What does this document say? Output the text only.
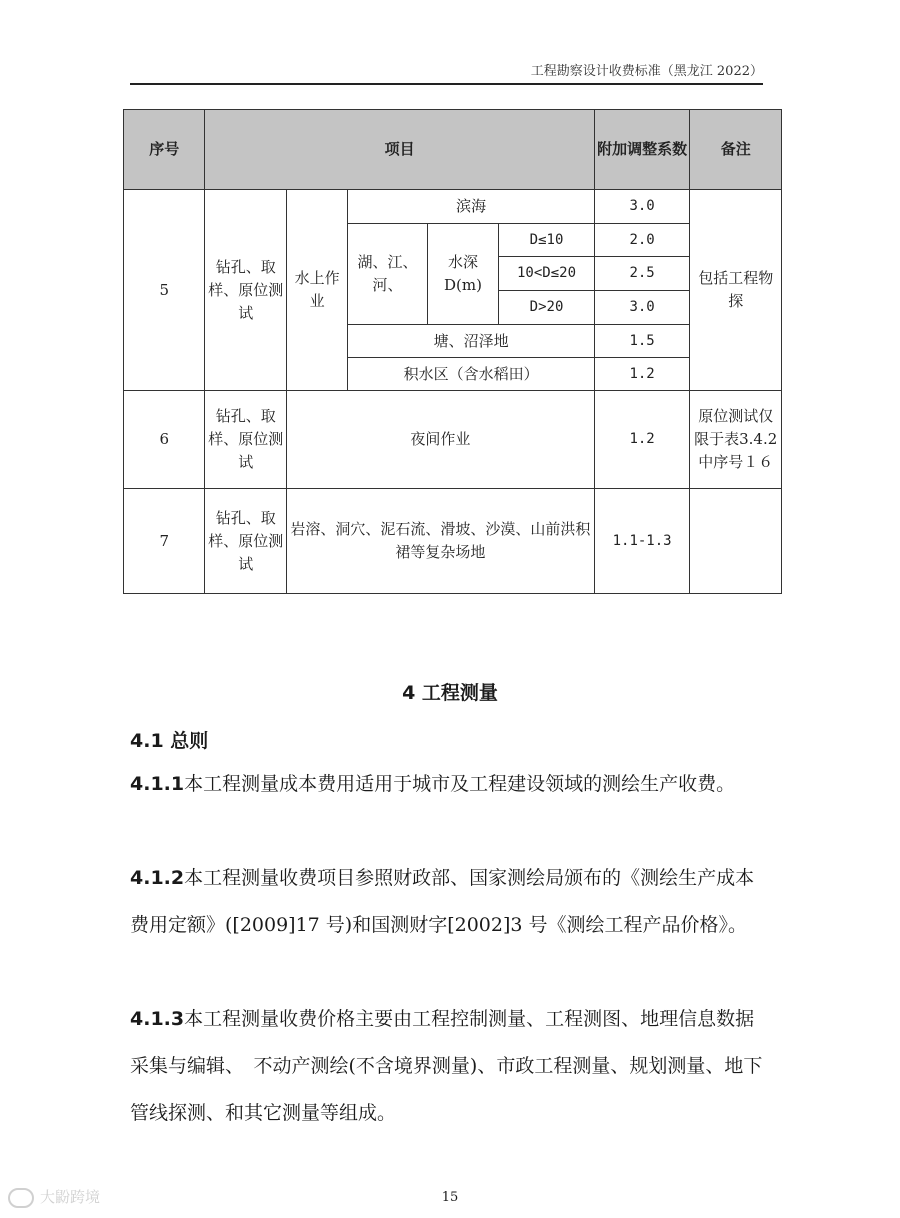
工程勘察设计收费标准（黑龙江 2022）
序号	项目					附加调整系数	备注
5	钻孔、取样、原位测试	水上作业	滨海			3.0	包括工程物探
			湖、江、河、	水深D(m)	D≤10	2.0	
					10<D≤20	2.5	
					D>20	3.0	
			塘、沼泽地			1.5	
			积水区（含水稻田）			1.2	
6	钻孔、取样、原位测试	夜间作业				1.2	原位测试仅限于表3.4.2中序号１６
7	钻孔、取样、原位测试	岩溶、洞穴、泥石流、滑坡、沙漠、山前洪积裙等复杂场地				1.1-1.3	
4 工程测量
4.1 总则

4.1.1本工程测量成本费用适用于城市及工程建设领域的测绘生产收费。

4.1.2本工程测量收费项目参照财政部、国家测绘局颁布的《测绘生产成本　费用定额》([2009]17 号)和国测财字[2002]3 号《测绘工程产品价格》。

4.1.3本工程测量收费价格主要由工程控制测量、工程测图、地理信息数据采集与编辑、　不动产测绘(不含境界测量)、市政工程测量、规划测量、地下管线探测、和其它测量等组成。

15
大鼢跨境
